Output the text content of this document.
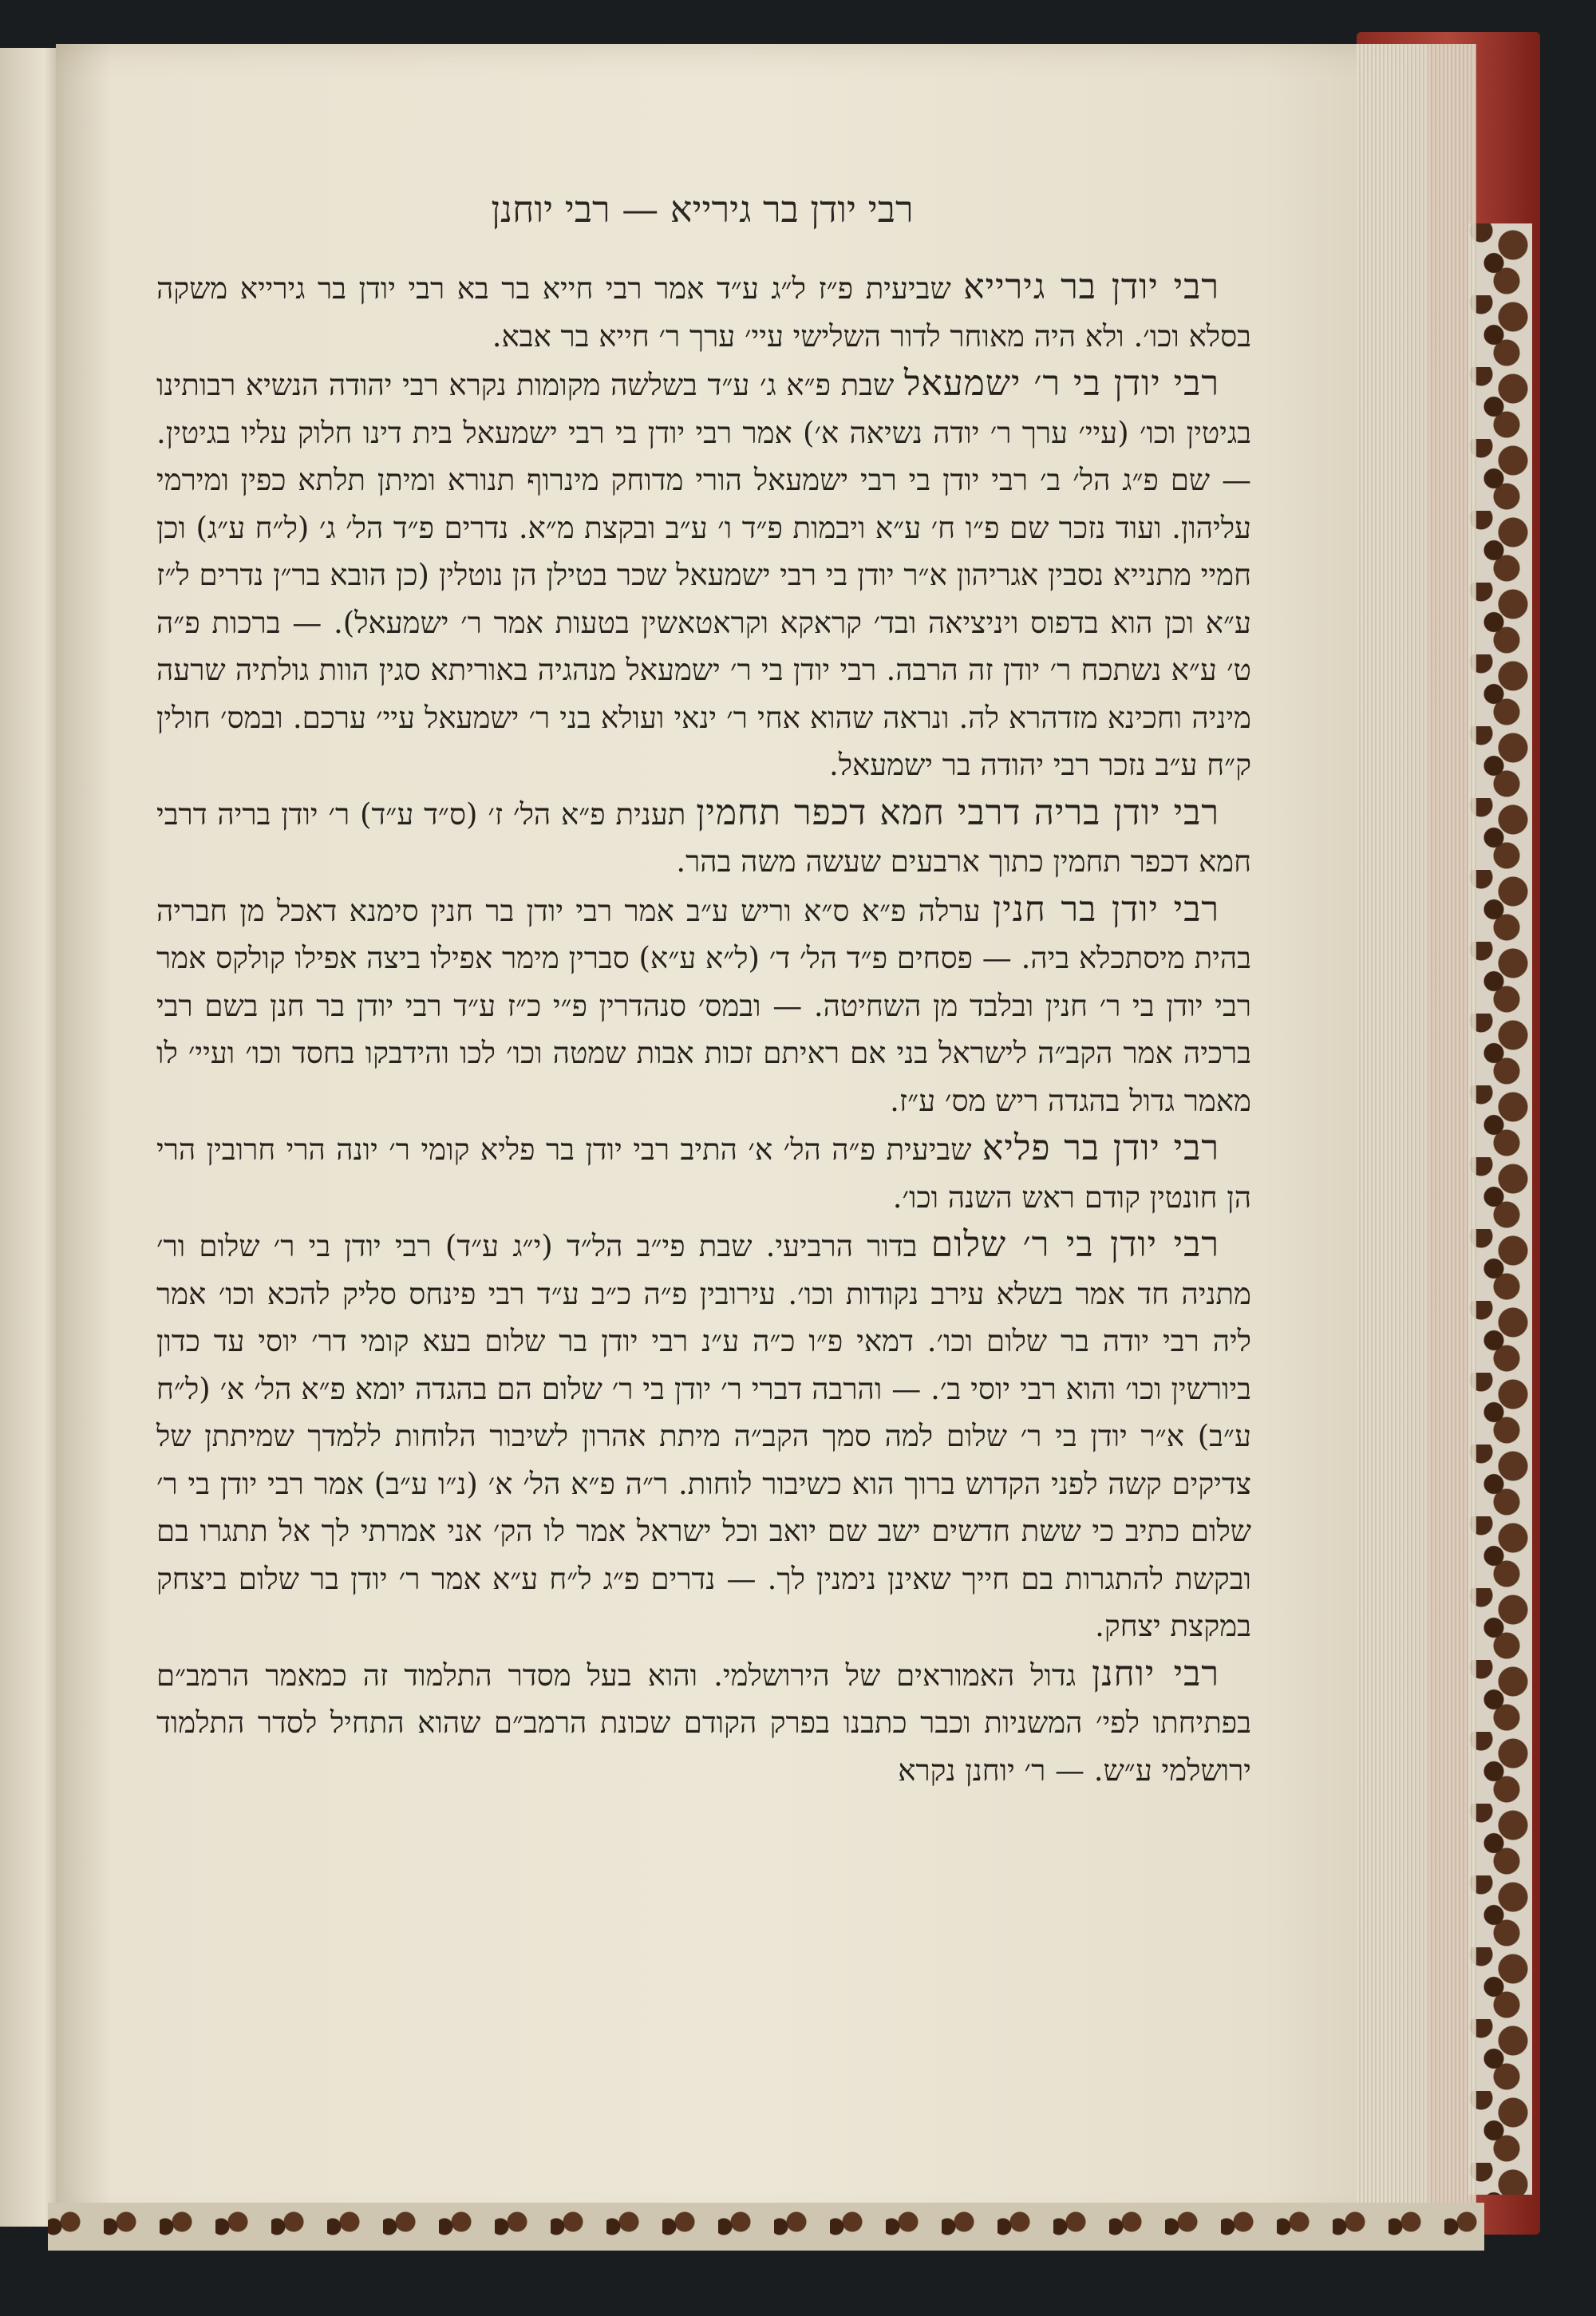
רבי יודן בר גירייא — רבי יוחנן

רבי יודן בר גירייא שביעית פ״ז ל״ג ע״ד אמר רבי חייא בר בא רבי יודן בר גירייא משקה בסלא וכו׳. ולא היה מאוחר לדור השלישי עיי׳ ערך ר׳ חייא בר אבא.

רבי יודן בי ר׳ ישמעאל שבת פ״א ג׳ ע״ד בשלשה מקומות נקרא רבי יהודה הנשיא רבותינו בגיטין וכו׳ (עיי׳ ערך ר׳ יודה נשיאה א׳) אמר רבי יודן בי רבי ישמעאל בית דינו חלוק עליו בגיטין. — שם פ״ג הל׳ ב׳ רבי יודן בי רבי ישמעאל הורי מדוחק מינרוף תנורא ומיתן תלתא כפין ומירמי עליהון. ועוד נזכר שם פ״ו ח׳ ע״א ויבמות פ״ד ו׳ ע״ב ובקצת מ״א. נדרים פ״ד הל׳ ג׳ (ל״ח ע״ג) וכן חמיי מתנייא נסבין אגריהון א״ר יודן בי רבי ישמעאל שכר בטילן הן נוטלין (כן הובא בר״ן נדרים ל״ז ע״א וכן הוא בדפוס ויניציאה ובד׳ קראקא וקראטאשין בטעות אמר ר׳ ישמעאל). — ברכות פ״ה ט׳ ע״א נשתכח ר׳ יודן זה הרבה. רבי יודן בי ר׳ ישמעאל מנהגיה באוריתא סגין הוות גולתיה שרעה מיניה וחכינא מזדהרא לה. ונראה שהוא אחי ר׳ ינאי ועולא בני ר׳ ישמעאל עיי׳ ערכם. ובמס׳ חולין ק״ח ע״ב נזכר רבי יהודה בר ישמעאל.

רבי יודן בריה דרבי חמא דכפר תחמין תענית פ״א הל׳ ז׳ (ס״ד ע״ד) ר׳ יודן בריה דרבי חמא דכפר תחמין כתוך ארבעים שעשה משה בהר.

רבי יודן בר חנין ערלה פ״א ס״א וריש ע״ב אמר רבי יודן בר חנין סימנא דאכל מן חבריה בהית מיסתכלא ביה. — פסחים פ״ד הל׳ ד׳ (ל״א ע״א) סברין מימר אפילו ביצה אפילו קולקס אמר רבי יודן בי ר׳ חנין ובלבד מן השחיטה. — ובמס׳ סנהדרין פ״י כ״ז ע״ד רבי יודן בר חנן בשם רבי ברכיה אמר הקב״ה לישראל בני אם ראיתם זכות אבות שמטה וכו׳ לכו והידבקו בחסד וכו׳ ועיי׳ לו מאמר גדול בהגדה ריש מס׳ ע״ז.

רבי יודן בר פליא שביעית פ״ה הל׳ א׳ התיב רבי יודן בר פליא קומי ר׳ יונה הרי חרובין הרי הן חונטין קודם ראש השנה וכו׳.

רבי יודן בי ר׳ שלום בדור הרביעי. שבת פי״ב הל״ד (י״ג ע״ד) רבי יודן בי ר׳ שלום ור׳ מתניה חד אמר בשלא עירב נקודות וכו׳. עירובין פ״ה כ״ב ע״ד רבי פינחס סליק להכא וכו׳ אמר ליה רבי יודה בר שלום וכו׳. דמאי פ״ו כ״ה ע״נ רבי יודן בר שלום בעא קומי דר׳ יוסי עד כדון ביורשין וכו׳ והוא רבי יוסי ב׳. — והרבה דברי ר׳ יודן בי ר׳ שלום הם בהגדה יומא פ״א הל׳ א׳ (ל״ח ע״ב) א״ר יודן בי ר׳ שלום למה סמך הקב״ה מיתת אהרון לשיבור הלוחות ללמדך שמיתתן של צדיקים קשה לפני הקדוש ברוך הוא כשיבור לוחות. ר״ה פ״א הל׳ א׳ (נ״ו ע״ב) אמר רבי יודן בי ר׳ שלום כתיב כי ששת חדשים ישב שם יואב וכל ישראל אמר לו הק׳ אני אמרתי לך אל תתגרו בם ובקשת להתגרות בם חייך שאינן נימנין לך. — נדרים פ״ג ל״ח ע״א אמר ר׳ יודן בר שלום ביצחק במקצת יצחק.

רבי יוחנן גדול האמוראים של הירושלמי. והוא בעל מסדר התלמוד זה כמאמר הרמב״ם בפתיחתו לפי׳ המשניות וכבר כתבנו בפרק הקודם שכונת הרמב״ם שהוא התחיל לסדר התלמוד ירושלמי ע״ש. — ר׳ יוחנן נקרא
